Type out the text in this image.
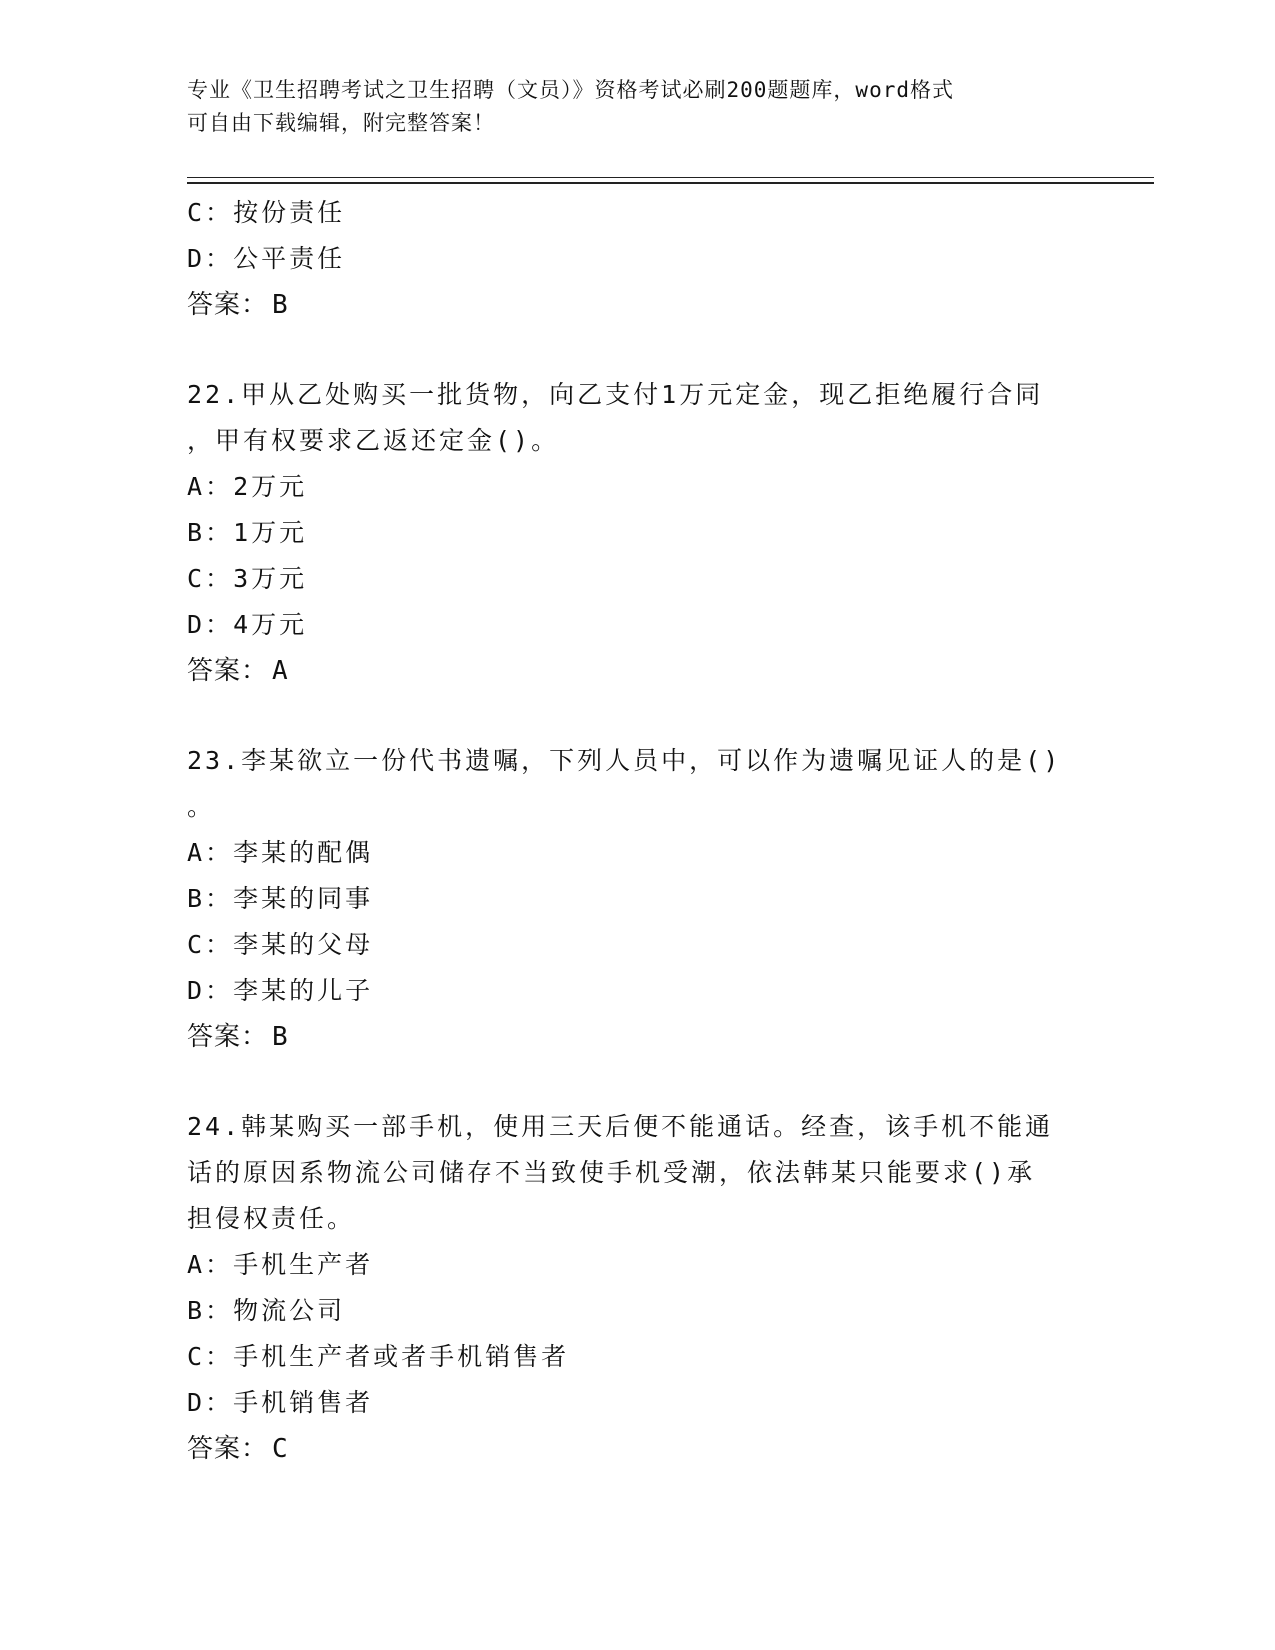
专业《卫生招聘考试之卫生招聘（文员）》资格考试必刷200题题库，word格式
可自由下载编辑，附完整答案！
C：按份责任
D：公平责任
答案： B
22.甲从乙处购买一批货物，向乙支付1万元定金，现乙拒绝履行合同
，甲有权要求乙返还定金()。
A：2万元
B：1万元
C：3万元
D：4万元
答案： A
23.李某欲立一份代书遗嘱，下列人员中，可以作为遗嘱见证人的是()
。
A：李某的配偶
B：李某的同事
C：李某的父母
D：李某的儿子
答案： B
24.韩某购买一部手机，使用三天后便不能通话。经查，该手机不能通
话的原因系物流公司储存不当致使手机受潮，依法韩某只能要求()承
担侵权责任。
A：手机生产者
B：物流公司
C：手机生产者或者手机销售者
D：手机销售者
答案： C
